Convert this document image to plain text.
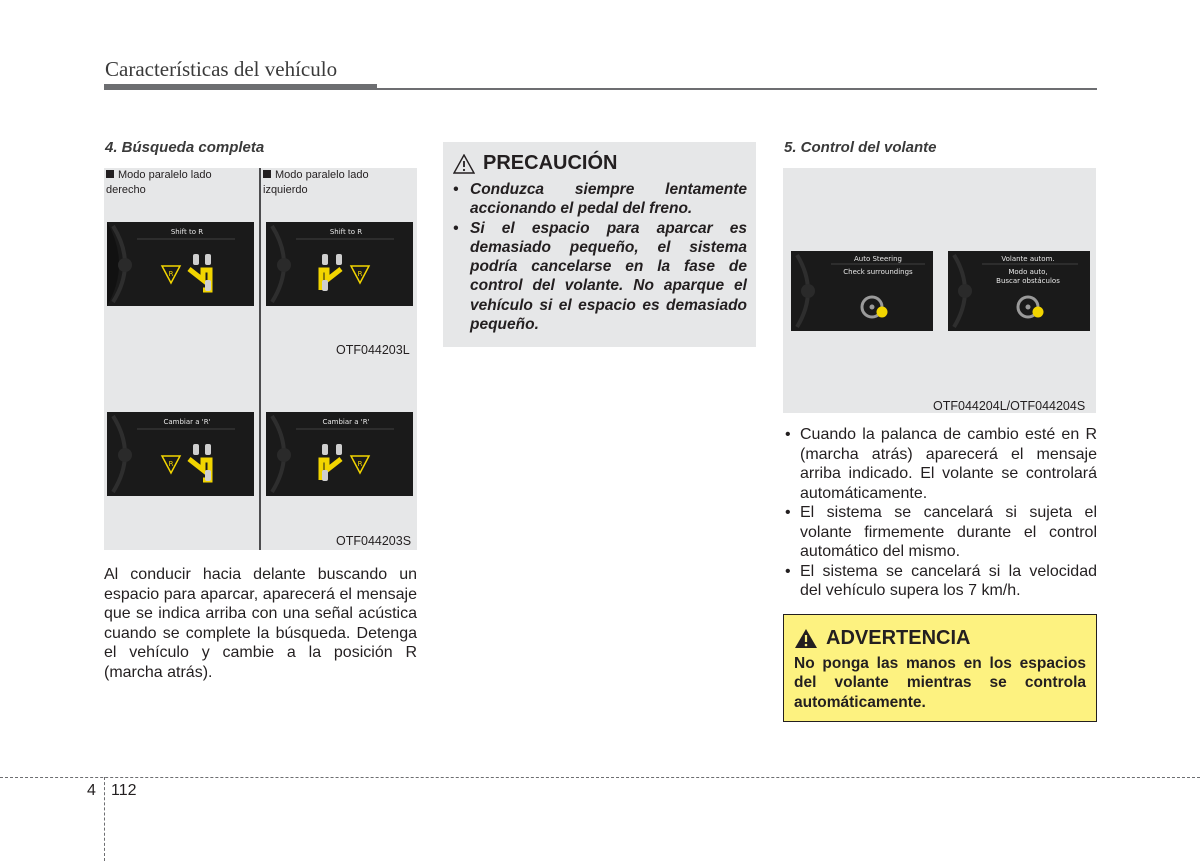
Características del vehículo
4. Búsqueda completa
Modo paralelo lado
derecho
Modo paralelo lado
izquierdo
Shift to R
R
Shift to R
R
OTF044203L
Cambiar a 'R'
R
Cambiar a 'R'
R
OTF044203S
Al conducir hacia delante buscando un espacio para aparcar, aparecerá el mensaje que se indica arriba con una señal acústica cuando se complete la búsqueda. Detenga el vehículo y cambie a la posición R (marcha atrás).
PRECAUCIÓN
• Conduzca siempre lentamente accionando el pedal del freno.
• Si el espacio para aparcar es demasiado pequeño, el sistema podría cancelarse en la fase de control del volante. No aparque el vehículo si el espacio es demasiado pequeño.
5. Control del volante
Auto Steering
Check surroundings
Volante autom.
Modo auto,
Buscar obstáculos
OTF044204L/OTF044204S
• Cuando la palanca de cambio esté en R (marcha atrás) aparecerá el mensaje arriba indicado. El volante se controlará automáticamente.
• El sistema se cancelará si sujeta el volante firmemente durante el control automático del mismo.
• El sistema se cancelará si la velocidad del vehículo supera los 7 km/h.
ADVERTENCIA
No ponga las manos en los espacios del volante mientras se controla automáticamente.
4 112
